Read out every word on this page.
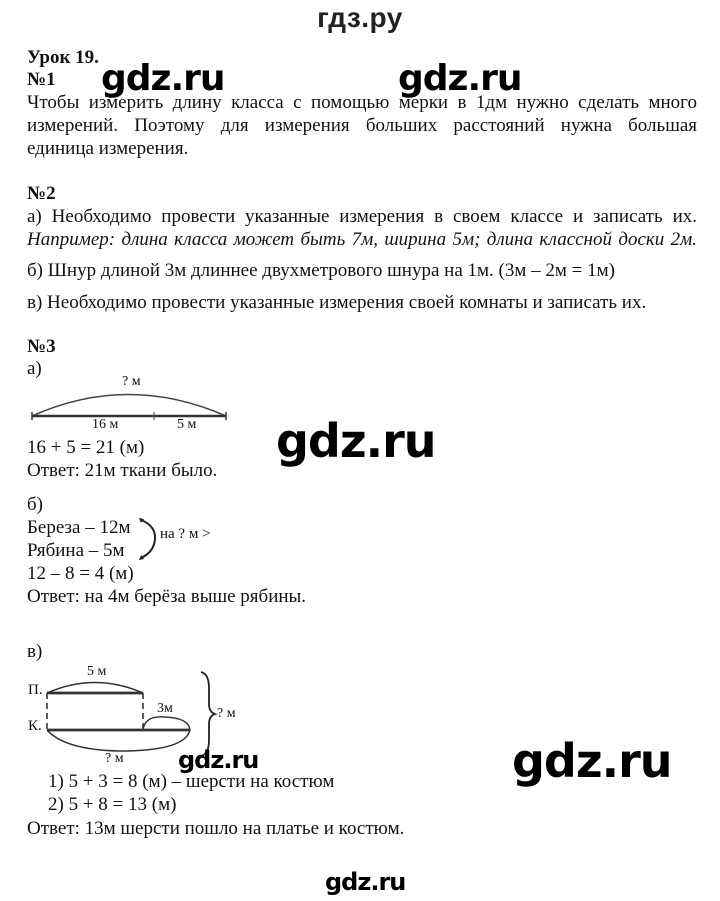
гдз.ру
Урок 19.
№1
Чтобы измерить длину класса с помощью мерки в 1дм нужно сделать много
измерений. Поэтому для измерения больших расстояний нужна большая
единица измерения.
№2
а) Необходимо провести указанные измерения в своем классе и записать их.
Например: длина класса может быть 7м, ширина 5м; длина классной доски 2м.
б) Шнур длиной 3м длиннее двухметрового шнура на 1м. (3м – 2м = 1м)
в) Необходимо провести указанные измерения своей комнаты и записать их.
№3
а)
? м
16 м	5 м
16 + 5 = 21 (м)
Ответ: 21м ткани было.
б)
Береза – 12м
Рябина – 5м
на ? м >
12 – 8 = 4 (м)
Ответ: на 4м берёза выше рябины.
в)
П.
К.
5 м
3м
? м
? м
1) 5 + 3 = 8 (м) – шерсти на костюм
2) 5 + 8 = 13 (м)
Ответ: 13м шерсти пошло на платье и костюм.
gdz.ru	gdz.ru
gdz.ru
gdz.ru	gdz.ru
gdz.ru
